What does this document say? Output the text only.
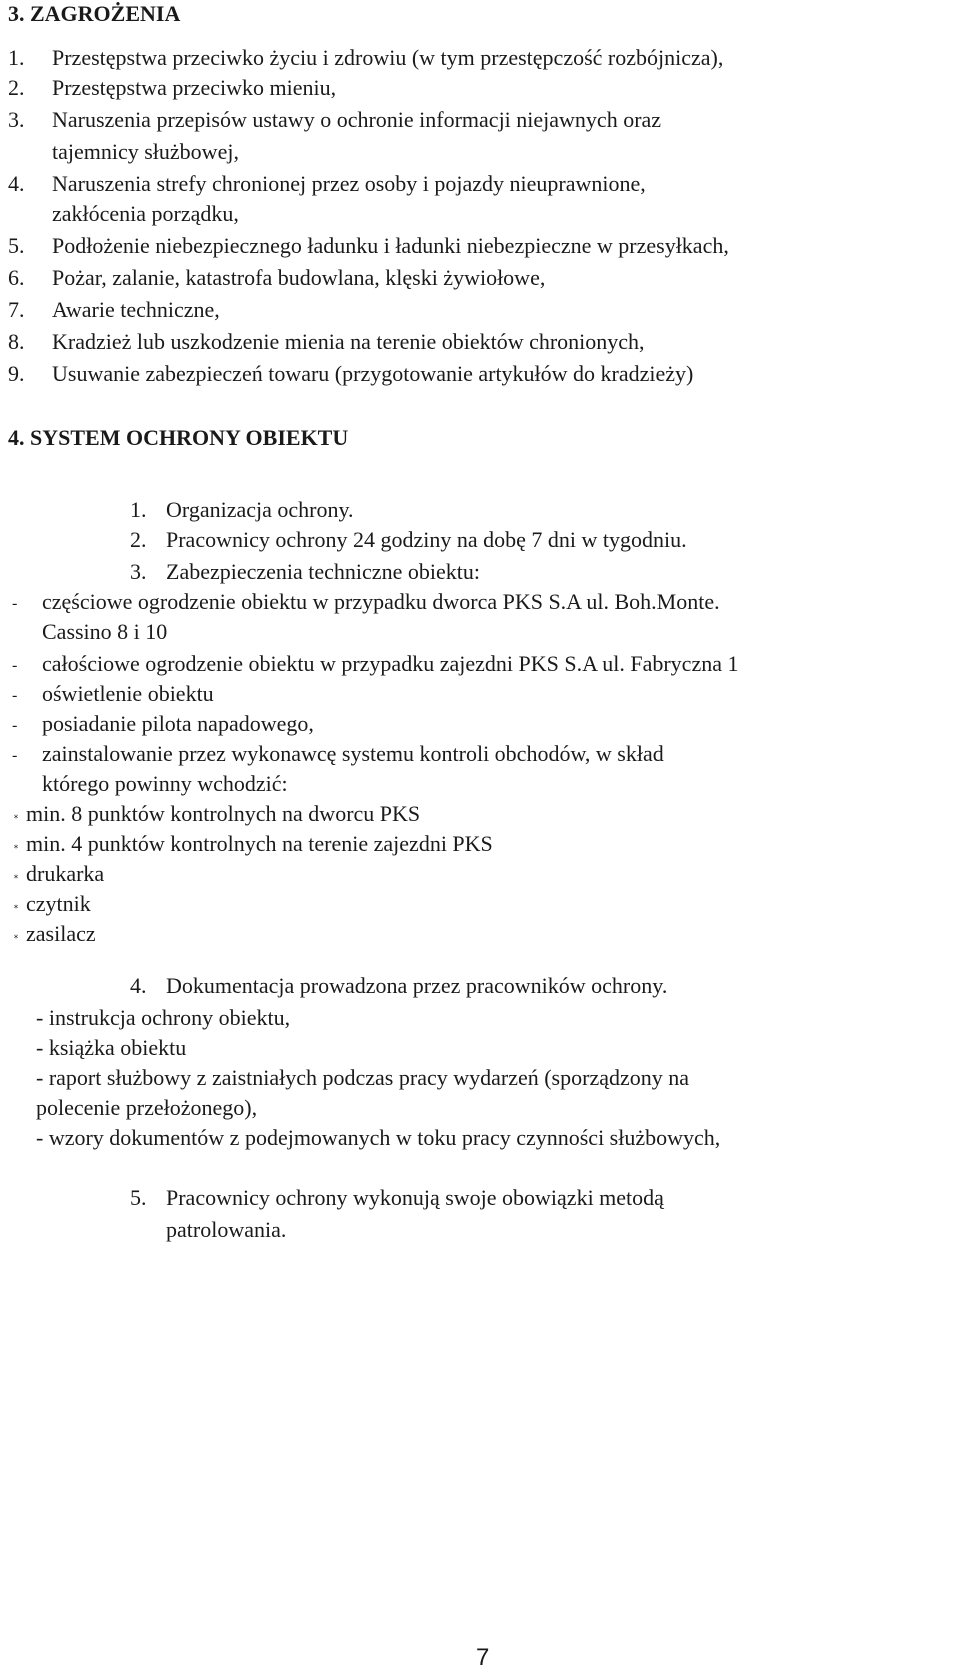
3. ZAGROŻENIA
1. Przestępstwa przeciwko życiu i zdrowiu (w tym przestępczość rozbójnicza),
2. Przestępstwa przeciwko mieniu,
3. Naruszenia przepisów ustawy o ochronie informacji niejawnych oraz
tajemnicy służbowej,
4. Naruszenia strefy chronionej przez osoby i pojazdy nieuprawnione,
zakłócenia porządku,
5. Podłożenie niebezpiecznego ładunku i ładunki niebezpieczne w przesyłkach,
6. Pożar, zalanie, katastrofa budowlana, klęski żywiołowe,
7. Awarie techniczne,
8. Kradzież lub uszkodzenie mienia na terenie obiektów chronionych,
9. Usuwanie zabezpieczeń towaru (przygotowanie artykułów do kradzieży)
4. SYSTEM OCHRONY OBIEKTU
1. Organizacja ochrony.
2. Pracownicy ochrony 24 godziny na dobę 7 dni w tygodniu.
3. Zabezpieczenia techniczne obiektu:
- częściowe ogrodzenie obiektu w przypadku dworca PKS S.A ul. Boh.Monte.
Cassino 8 i 10
- całościowe ogrodzenie obiektu w przypadku zajezdni PKS S.A ul. Fabryczna 1
- oświetlenie obiektu
- posiadanie pilota napadowego,
- zainstalowanie przez wykonawcę systemu kontroli obchodów, w skład
którego powinny wchodzić:
* min. 8 punktów kontrolnych na dworcu PKS
* min. 4 punktów kontrolnych na terenie zajezdni PKS
* drukarka
* czytnik
* zasilacz
4. Dokumentacja prowadzona przez pracowników ochrony.
- instrukcja ochrony obiektu,
- książka obiektu
- raport służbowy z zaistniałych podczas pracy wydarzeń (sporządzony na
polecenie przełożonego),
- wzory dokumentów z podejmowanych w toku pracy czynności służbowych,
5. Pracownicy ochrony wykonują swoje obowiązki metodą
patrolowania.
7
